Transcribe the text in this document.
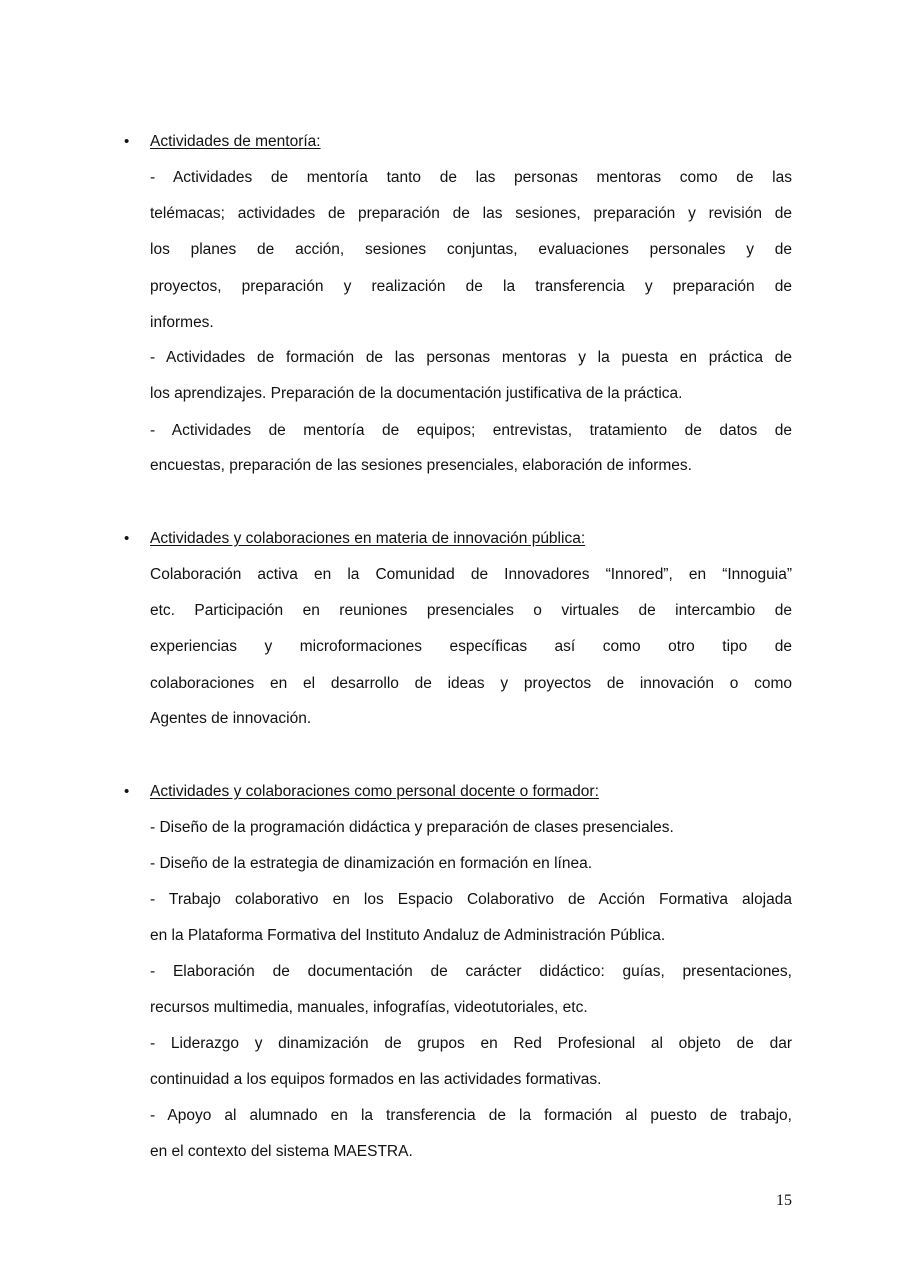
• Actividades de mentoría:
- Actividades de mentoría tanto de las personas mentoras como de las
telémacas; actividades de preparación de las sesiones, preparación y revisión de
los planes de acción, sesiones conjuntas, evaluaciones personales y de
proyectos, preparación y realización de la transferencia y preparación de
informes.
- Actividades de formación de las personas mentoras y la puesta en práctica de
los aprendizajes. Preparación de la documentación justificativa de la práctica.
- Actividades de mentoría de equipos; entrevistas, tratamiento de datos de
encuestas, preparación de las sesiones presenciales, elaboración de informes.
• Actividades y colaboraciones en materia de innovación pública:
Colaboración activa en la Comunidad de Innovadores “Innored”, en “Innoguia”
etc. Participación en reuniones presenciales o virtuales de intercambio de
experiencias y microformaciones específicas así como otro tipo de
colaboraciones en el desarrollo de ideas y proyectos de innovación o como
Agentes de innovación.
• Actividades y colaboraciones como personal docente o formador:
- Diseño de la programación didáctica y preparación de clases presenciales.
- Diseño de la estrategia de dinamización en formación en línea.
- Trabajo colaborativo en los Espacio Colaborativo de Acción Formativa alojada
en la Plataforma Formativa del Instituto Andaluz de Administración Pública.
- Elaboración de documentación de carácter didáctico: guías, presentaciones,
recursos multimedia, manuales, infografías, videotutoriales, etc.
- Liderazgo y dinamización de grupos en Red Profesional al objeto de dar
continuidad a los equipos formados en las actividades formativas.
- Apoyo al alumnado en la transferencia de la formación al puesto de trabajo,
en el contexto del sistema MAESTRA.
15
